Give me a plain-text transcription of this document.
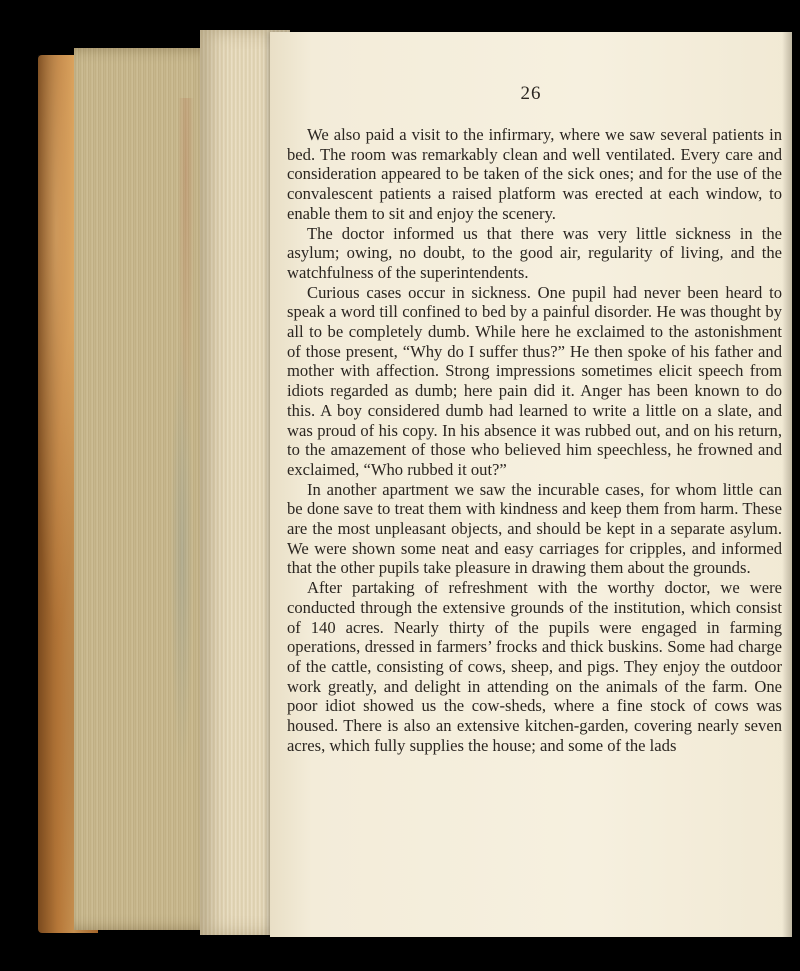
26

We also paid a visit to the infirmary, where we saw several patients in bed. The room was remarkably clean and well ventilated. Every care and consideration appeared to be taken of the sick ones; and for the use of the convalescent patients a raised platform was erected at each window, to enable them to sit and enjoy the scenery.

The doctor informed us that there was very little sickness in the asylum; owing, no doubt, to the good air, regularity of living, and the watchfulness of the superintendents.

Curious cases occur in sickness. One pupil had never been heard to speak a word till confined to bed by a painful disorder. He was thought by all to be completely dumb. While here he exclaimed to the astonishment of those present, “Why do I suffer thus?” He then spoke of his father and mother with affection. Strong impressions sometimes elicit speech from idiots regarded as dumb; here pain did it. Anger has been known to do this. A boy considered dumb had learned to write a little on a slate, and was proud of his copy. In his absence it was rubbed out, and on his return, to the amazement of those who believed him speechless, he frowned and exclaimed, “Who rubbed it out?”

In another apartment we saw the incurable cases, for whom little can be done save to treat them with kindness and keep them from harm. These are the most unpleasant objects, and should be kept in a separate asylum. We were shown some neat and easy carriages for cripples, and informed that the other pupils take pleasure in drawing them about the grounds.

After partaking of refreshment with the worthy doctor, we were conducted through the extensive grounds of the institution, which consist of 140 acres. Nearly thirty of the pupils were engaged in farming operations, dressed in farmers’ frocks and thick buskins. Some had charge of the cattle, consisting of cows, sheep, and pigs. They enjoy the outdoor work greatly, and delight in attending on the animals of the farm. One poor idiot showed us the cow-sheds, where a fine stock of cows was housed. There is also an extensive kitchen-garden, covering nearly seven acres, which fully supplies the house; and some of the lads
